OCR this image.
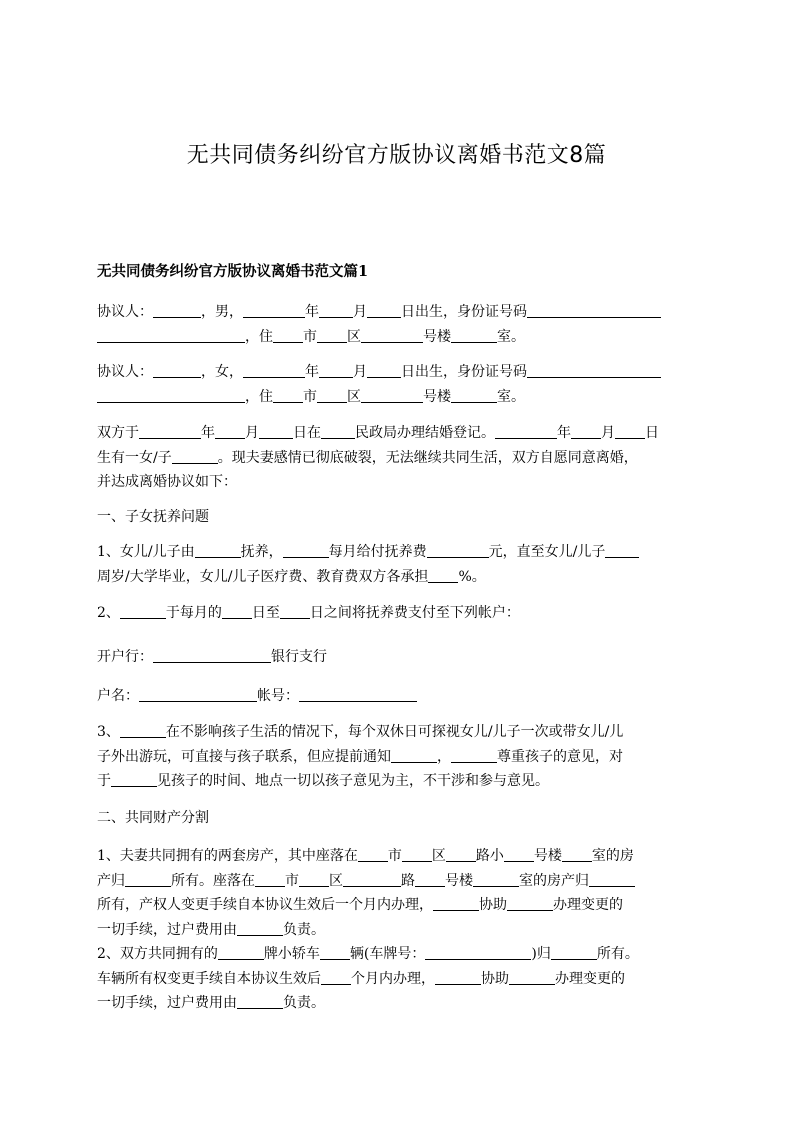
无共同债务纠纷官方版协议离婚书范文8篇
无共同债务纠纷官方版协议离婚书范文篇1
协议人：	，男，	年 月 日出生，身份证号码
，住 市 区	号楼	室。
协议人：	，女，	年 月 日出生，身份证号码
，住 市 区	号楼	室。
双方于	年 月 日在 民政局办理结婚登记。	年 月 日
生有一女/子	。现夫妻感情已彻底破裂，无法继续共同生活，双方自愿同意离婚，
并达成离婚协议如下：
一、子女抚养问题
1、女儿/儿子由	抚养，	每月给付抚养费	元，直至女儿/儿子
周岁/大学毕业，女儿/儿子医疗费、教育费双方各承担 %。
2、	于每月的 日至 日之间将抚养费支付至下列帐户：
开户行：	银行支行
户名：	帐号：
3、	在不影响孩子生活的情况下，每个双休日可探视女儿/儿子一次或带女儿/儿
子外出游玩，可直接与孩子联系，但应提前通知	，	尊重孩子的意见，对
于	见孩子的时间、地点一切以孩子意见为主，不干涉和参与意见。
二、共同财产分割
1、夫妻共同拥有的两套房产，其中座落在 市 区 路小 号楼 室的房
产归	所有。座落在 市 区	路 号楼	室的房产归
所有，产权人变更手续自本协议生效后一个月内办理，	协助	办理变更的
一切手续，过户费用由	负责。
2、双方共同拥有的	牌小轿车 辆(车牌号：	)归	所有。
车辆所有权变更手续自本协议生效后 个月内办理，	协助	办理变更的
一切手续，过户费用由	负责。
